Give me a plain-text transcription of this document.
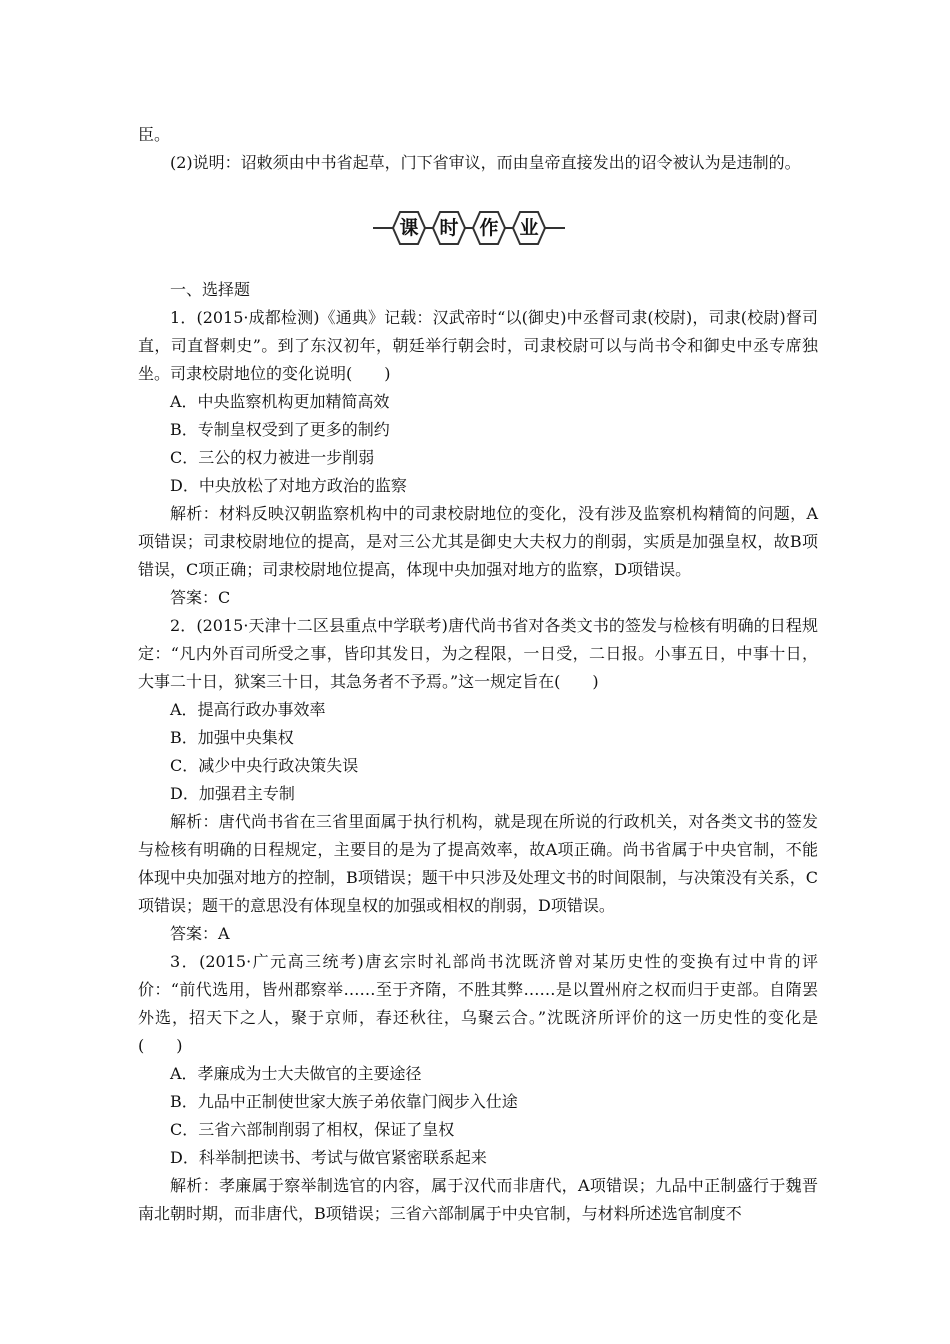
臣。

(2)说明：诏敕须由中书省起草，门下省审议，而由皇帝直接发出的诏令被认为是违制的。

课 时 作 业

一、选择题

1．(2015·成都检测)《通典》记载：汉武帝时“以(御史)中丞督司隶(校尉)，司隶(校尉)督司直，司直督刺史”。到了东汉初年，朝廷举行朝会时，司隶校尉可以与尚书令和御史中丞专席独坐。司隶校尉地位的变化说明(　　)

A．中央监察机构更加精简高效

B．专制皇权受到了更多的制约

C．三公的权力被进一步削弱

D．中央放松了对地方政治的监察

解析：材料反映汉朝监察机构中的司隶校尉地位的变化，没有涉及监察机构精简的问题，A项错误；司隶校尉地位的提高，是对三公尤其是御史大夫权力的削弱，实质是加强皇权，故B项错误，C项正确；司隶校尉地位提高，体现中央加强对地方的监察，D项错误。

答案：C

2．(2015·天津十二区县重点中学联考)唐代尚书省对各类文书的签发与检核有明确的日程规定：“凡内外百司所受之事，皆印其发日，为之程限，一日受，二日报。小事五日，中事十日，大事二十日，狱案三十日，其急务者不予焉。”这一规定旨在(　　)

A．提高行政办事效率

B．加强中央集权

C．减少中央行政决策失误

D．加强君主专制

解析：唐代尚书省在三省里面属于执行机构，就是现在所说的行政机关，对各类文书的签发与检核有明确的日程规定，主要目的是为了提高效率，故A项正确。尚书省属于中央官制，不能体现中央加强对地方的控制，B项错误；题干中只涉及处理文书的时间限制，与决策没有关系，C项错误；题干的意思没有体现皇权的加强或相权的削弱，D项错误。

答案：A

3．(2015·广元高三统考)唐玄宗时礼部尚书沈既济曾对某历史性的变换有过中肯的评价：“前代选用，皆州郡察举……至于齐隋，不胜其弊……是以置州府之权而归于吏部。自隋罢外选，招天下之人，聚于京师，春还秋往，乌聚云合。”沈既济所评价的这一历史性的变化是(　　)

A．孝廉成为士大夫做官的主要途径

B．九品中正制使世家大族子弟依靠门阀步入仕途

C．三省六部制削弱了相权，保证了皇权

D．科举制把读书、考试与做官紧密联系起来

解析：孝廉属于察举制选官的内容，属于汉代而非唐代，A项错误；九品中正制盛行于魏晋南北朝时期，而非唐代，B项错误；三省六部制属于中央官制，与材料所述选官制度不
